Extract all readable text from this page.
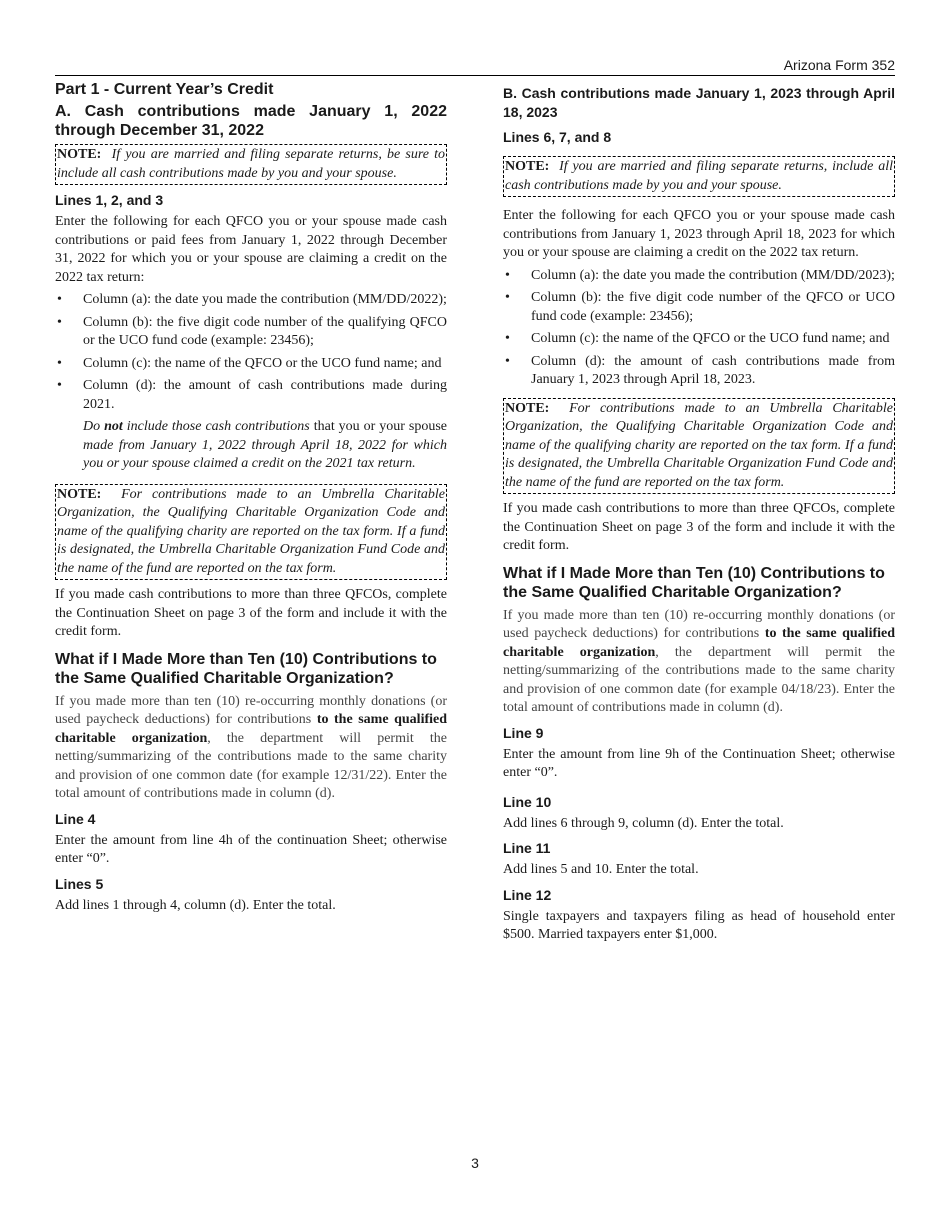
Arizona Form 352
Part 1 - Current Year’s Credit
A. Cash contributions made January 1, 2022 through December 31, 2022
NOTE: If you are married and filing separate returns, be sure to include all cash contributions made by you and your spouse.
Lines 1, 2, and 3

Enter the following for each QFCO you or your spouse made cash contributions or paid fees from January 1, 2022 through December 31, 2022 for which you or your spouse are claiming a credit on the 2022 tax return:

• Column (a): the date you made the contribution (MM/DD/2022);
• Column (b): the five digit code number of the qualifying QFCO or the UCO fund code (example: 23456);
• Column (c): the name of the QFCO or the UCO fund name; and
• Column (d): the amount of cash contributions made during 2021.

Do not include those cash contributions that you or your spouse made from January 1, 2022 through April 18, 2022 for which you or your spouse claimed a credit on the 2021 tax return.

NOTE: For contributions made to an Umbrella Charitable Organization, the Qualifying Charitable Organization Code and name of the qualifying charity are reported on the tax form. If a fund is designated, the Umbrella Charitable Organization Fund Code and the name of the fund are reported on the tax form.

If you made cash contributions to more than three QFCOs, complete the Continuation Sheet on page 3 of the form and include it with the credit form.

What if I Made More than Ten (10) Contributions to the Same Qualified Charitable Organization?

If you made more than ten (10) re-occurring monthly donations (or used paycheck deductions) for contributions to the same qualified charitable organization, the department will permit the netting/summarizing of the contributions made to the same charity and provision of one common date (for example 12/31/22). Enter the total amount of contributions made in column (d).

Line 4

Enter the amount from line 4h of the continuation Sheet; otherwise enter “0”.

Lines 5

Add lines 1 through 4, column (d). Enter the total.

B. Cash contributions made January 1, 2023 through April 18, 2023
Lines 6, 7, and 8
NOTE: If you are married and filing separate returns, include all cash contributions made by you and your spouse.

Enter the following for each QFCO you or your spouse made cash contributions from January 1, 2023 through April 18, 2023 for which you or your spouse are claiming a credit on the 2022 tax return.

• Column (a): the date you made the contribution (MM/DD/2023);
• Column (b): the five digit code number of the QFCO or UCO fund code (example: 23456);
• Column (c): the name of the QFCO or the UCO fund name; and
• Column (d): the amount of cash contributions made from January 1, 2023 through April 18, 2023.
NOTE: For contributions made to an Umbrella Charitable Organization, the Qualifying Charitable Organization Code and name of the qualifying charity are reported on the tax form. If a fund is designated, the Umbrella Charitable Organization Fund Code and the name of the fund are reported on the tax form.

If you made cash contributions to more than three QFCOs, complete the Continuation Sheet on page 3 of the form and include it with the credit form.

What if I Made More than Ten (10) Contributions to the Same Qualified Charitable Organization?

If you made more than ten (10) re-occurring monthly donations (or used paycheck deductions) for contributions to the same qualified charitable organization, the department will permit the netting/summarizing of the contributions made to the same charity and provision of one common date (for example 04/18/23). Enter the total amount of contributions made in column (d).

Line 9

Enter the amount from line 9h of the Continuation Sheet; otherwise enter “0”.

Line 10

Add lines 6 through 9, column (d). Enter the total.

Line 11

Add lines 5 and 10. Enter the total.

Line 12

Single taxpayers and taxpayers filing as head of household enter $500. Married taxpayers enter $1,000.

3
